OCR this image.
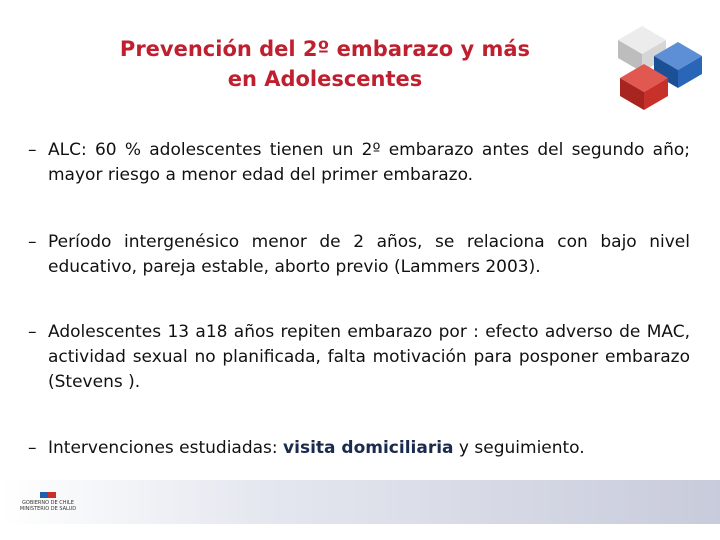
Prevención del 2º embarazo y más
en Adolescentes
– ALC: 60 % adolescentes tienen un 2º embarazo antes del segundo año; mayor riesgo a menor edad del primer embarazo.
– Período intergenésico menor de 2 años, se relaciona con bajo nivel educativo, pareja estable, aborto previo (Lammers 2003).
– Adolescentes 13 a18 años repiten embarazo por : efecto adverso de MAC, actividad sexual no planificada, falta motivación para posponer embarazo (Stevens ).
– Intervenciones estudiadas: visita domiciliaria y seguimiento.
GOBIERNO DE CHILE
MINISTERIO DE SALUD
